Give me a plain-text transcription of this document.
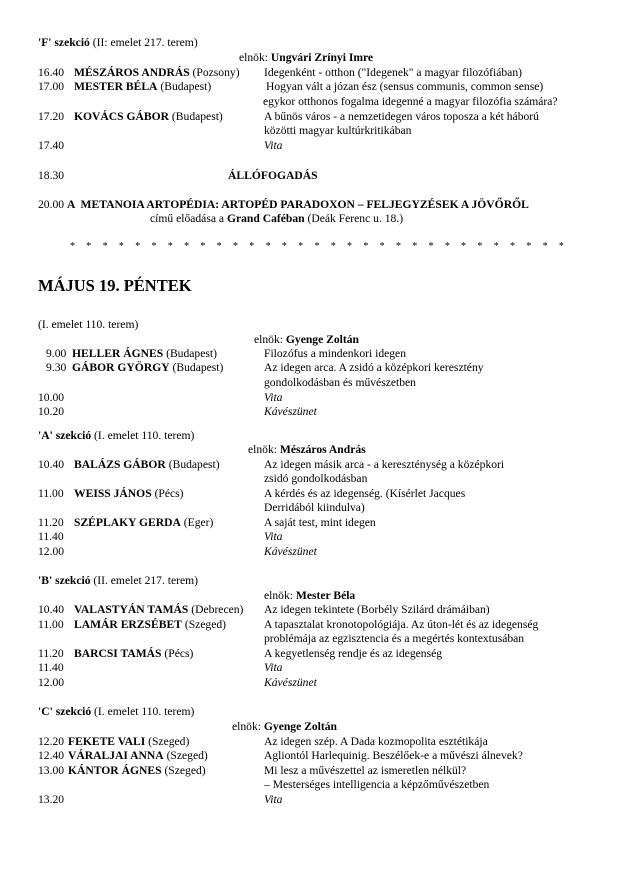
'F' szekció (II: emelet 217. terem)
elnök: Ungvári Zrínyi Imre
16.40 MÉSZÁROS ANDRÁS (Pozsony) Idegenként - otthon ("Idegenek" a magyar filozófiában)
17.00 MESTER BÉLA (Budapest)	Hogyan vált a józan ész (sensus communis, common sense)
egykor otthonos fogalma idegenné a magyar filozófia számára?
17.20 KOVÁCS GÁBOR (Budapest)	A bűnös város - a nemzetidegen város toposza a két háború
közötti magyar kultúrkritikában
17.40	Vita
18.30	ÁLLÓFOGADÁS
20.00 A  METANOIA ARTOPÉDIA: ARTOPÉD PARADOXON – FELJEGYZÉSEK A JÖVŐRŐL
című előadása a Grand Caféban (Deák Ferenc u. 18.)
* * * * * * * * * * * * * * * * * * * * * * * * * * * * * * *
MÁJUS 19. PÉNTEK
(I. emelet 110. terem)
elnök: Gyenge Zoltán
9.00 HELLER ÁGNES (Budapest)	Filozófus a mindenkori idegen
9.30 GÁBOR GYÖRGY (Budapest)	Az idegen arca. A zsidó a középkori keresztény
gondolkodásban és művészetben
10.00	Vita
10.20	Kávészünet
'A' szekció (I. emelet 110. terem)
elnök: Mészáros András
10.40 BALÁZS GÁBOR (Budapest)	Az idegen másik arca - a kereszténység a középkori
zsidó gondolkodásban
11.00 WEISS JÁNOS (Pécs)	A kérdés és az idegenség. (Kísérlet Jacques
Derridából kiindulva)
11.20 SZÉPLAKY GERDA (Eger)	A saját test, mint idegen
11.40	Vita
12.00	Kávészünet
'B' szekció (II. emelet 217. terem)
elnök: Mester Béla
10.40 VALASTYÁN TAMÁS (Debrecen) Az idegen tekintete (Borbély Szilárd drámáiban)
11.00 LAMÁR ERZSÉBET (Szeged)	A tapasztalat kronotopológiája. Az úton-lét és az idegenség
problémája az egzisztencia és a megértés kontextusában
11.20 BARCSI TAMÁS (Pécs)	A kegyetlenség rendje és az idegenség
11.40	Vita
12.00	Kávészünet
'C' szekció (I. emelet 110. terem)
elnök: Gyenge Zoltán
12.20 FEKETE VALI (Szeged)	Az idegen szép. A Dada kozmopolita esztétikája
12.40 VÁRALJAI ANNA (Szeged)	Agliontól Harlequinig. Beszélőek-e a művészi álnevek?
13.00 KÁNTOR ÁGNES (Szeged)	Mi lesz a művészettel az ismeretlen nélkül?
– Mesterséges intelligencia a képzőművészetben
13.20	Vita
